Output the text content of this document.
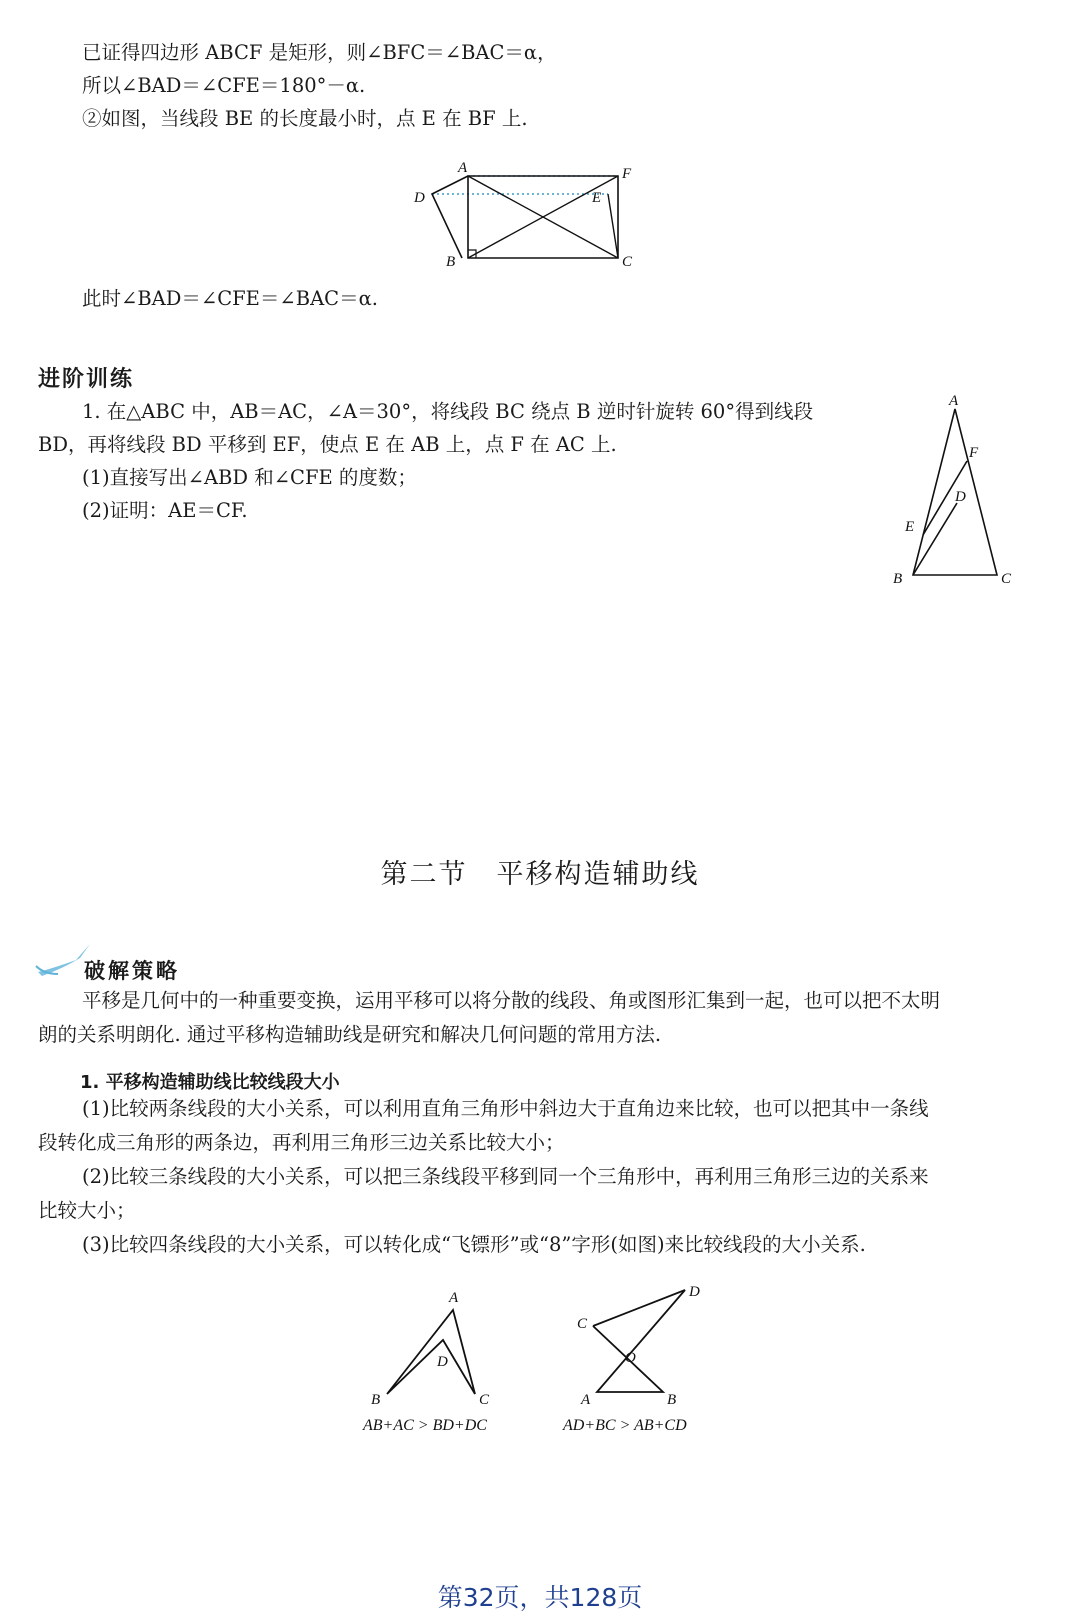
已证得四边形 ABCF 是矩形，则∠BFC＝∠BAC＝α，
所以∠BAD＝∠CFE＝180°－α.
②如图，当线段 BE 的长度最小时，点 E 在 BF 上.
A	F
D	E
B	C
此时∠BAD＝∠CFE＝∠BAC＝α.
进阶训练
1. 在△ABC 中，AB＝AC，∠A＝30°，将线段 BC 绕点 B 逆时针旋转 60°得到线段
BD，再将线段 BD 平移到 EF，使点 E 在 AB 上，点 F 在 AC 上.
(1)直接写出∠ABD 和∠CFE 的度数；
(2)证明：AE＝CF.
A
F
D
E
B	C
第二节　平移构造辅助线
破解策略
平移是几何中的一种重要变换，运用平移可以将分散的线段、角或图形汇集到一起，也可以把不太明
朗的关系明朗化. 通过平移构造辅助线是研究和解决几何问题的常用方法.
1. 平移构造辅助线比较线段大小
(1)比较两条线段的大小关系，可以利用直角三角形中斜边大于直角边来比较，也可以把其中一条线
段转化成三角形的两条边，再利用三角形三边关系比较大小；
(2)比较三条线段的大小关系，可以把三条线段平移到同一个三角形中，再利用三角形三边的关系来
比较大小；
(3)比较四条线段的大小关系，可以转化成“飞镖形”或“8”字形(如图)来比较线段的大小关系.
A
B	C
D
AB+AC > BD+DC
D
C
O
A	B
AD+BC > AB+CD
第32页，共128页
